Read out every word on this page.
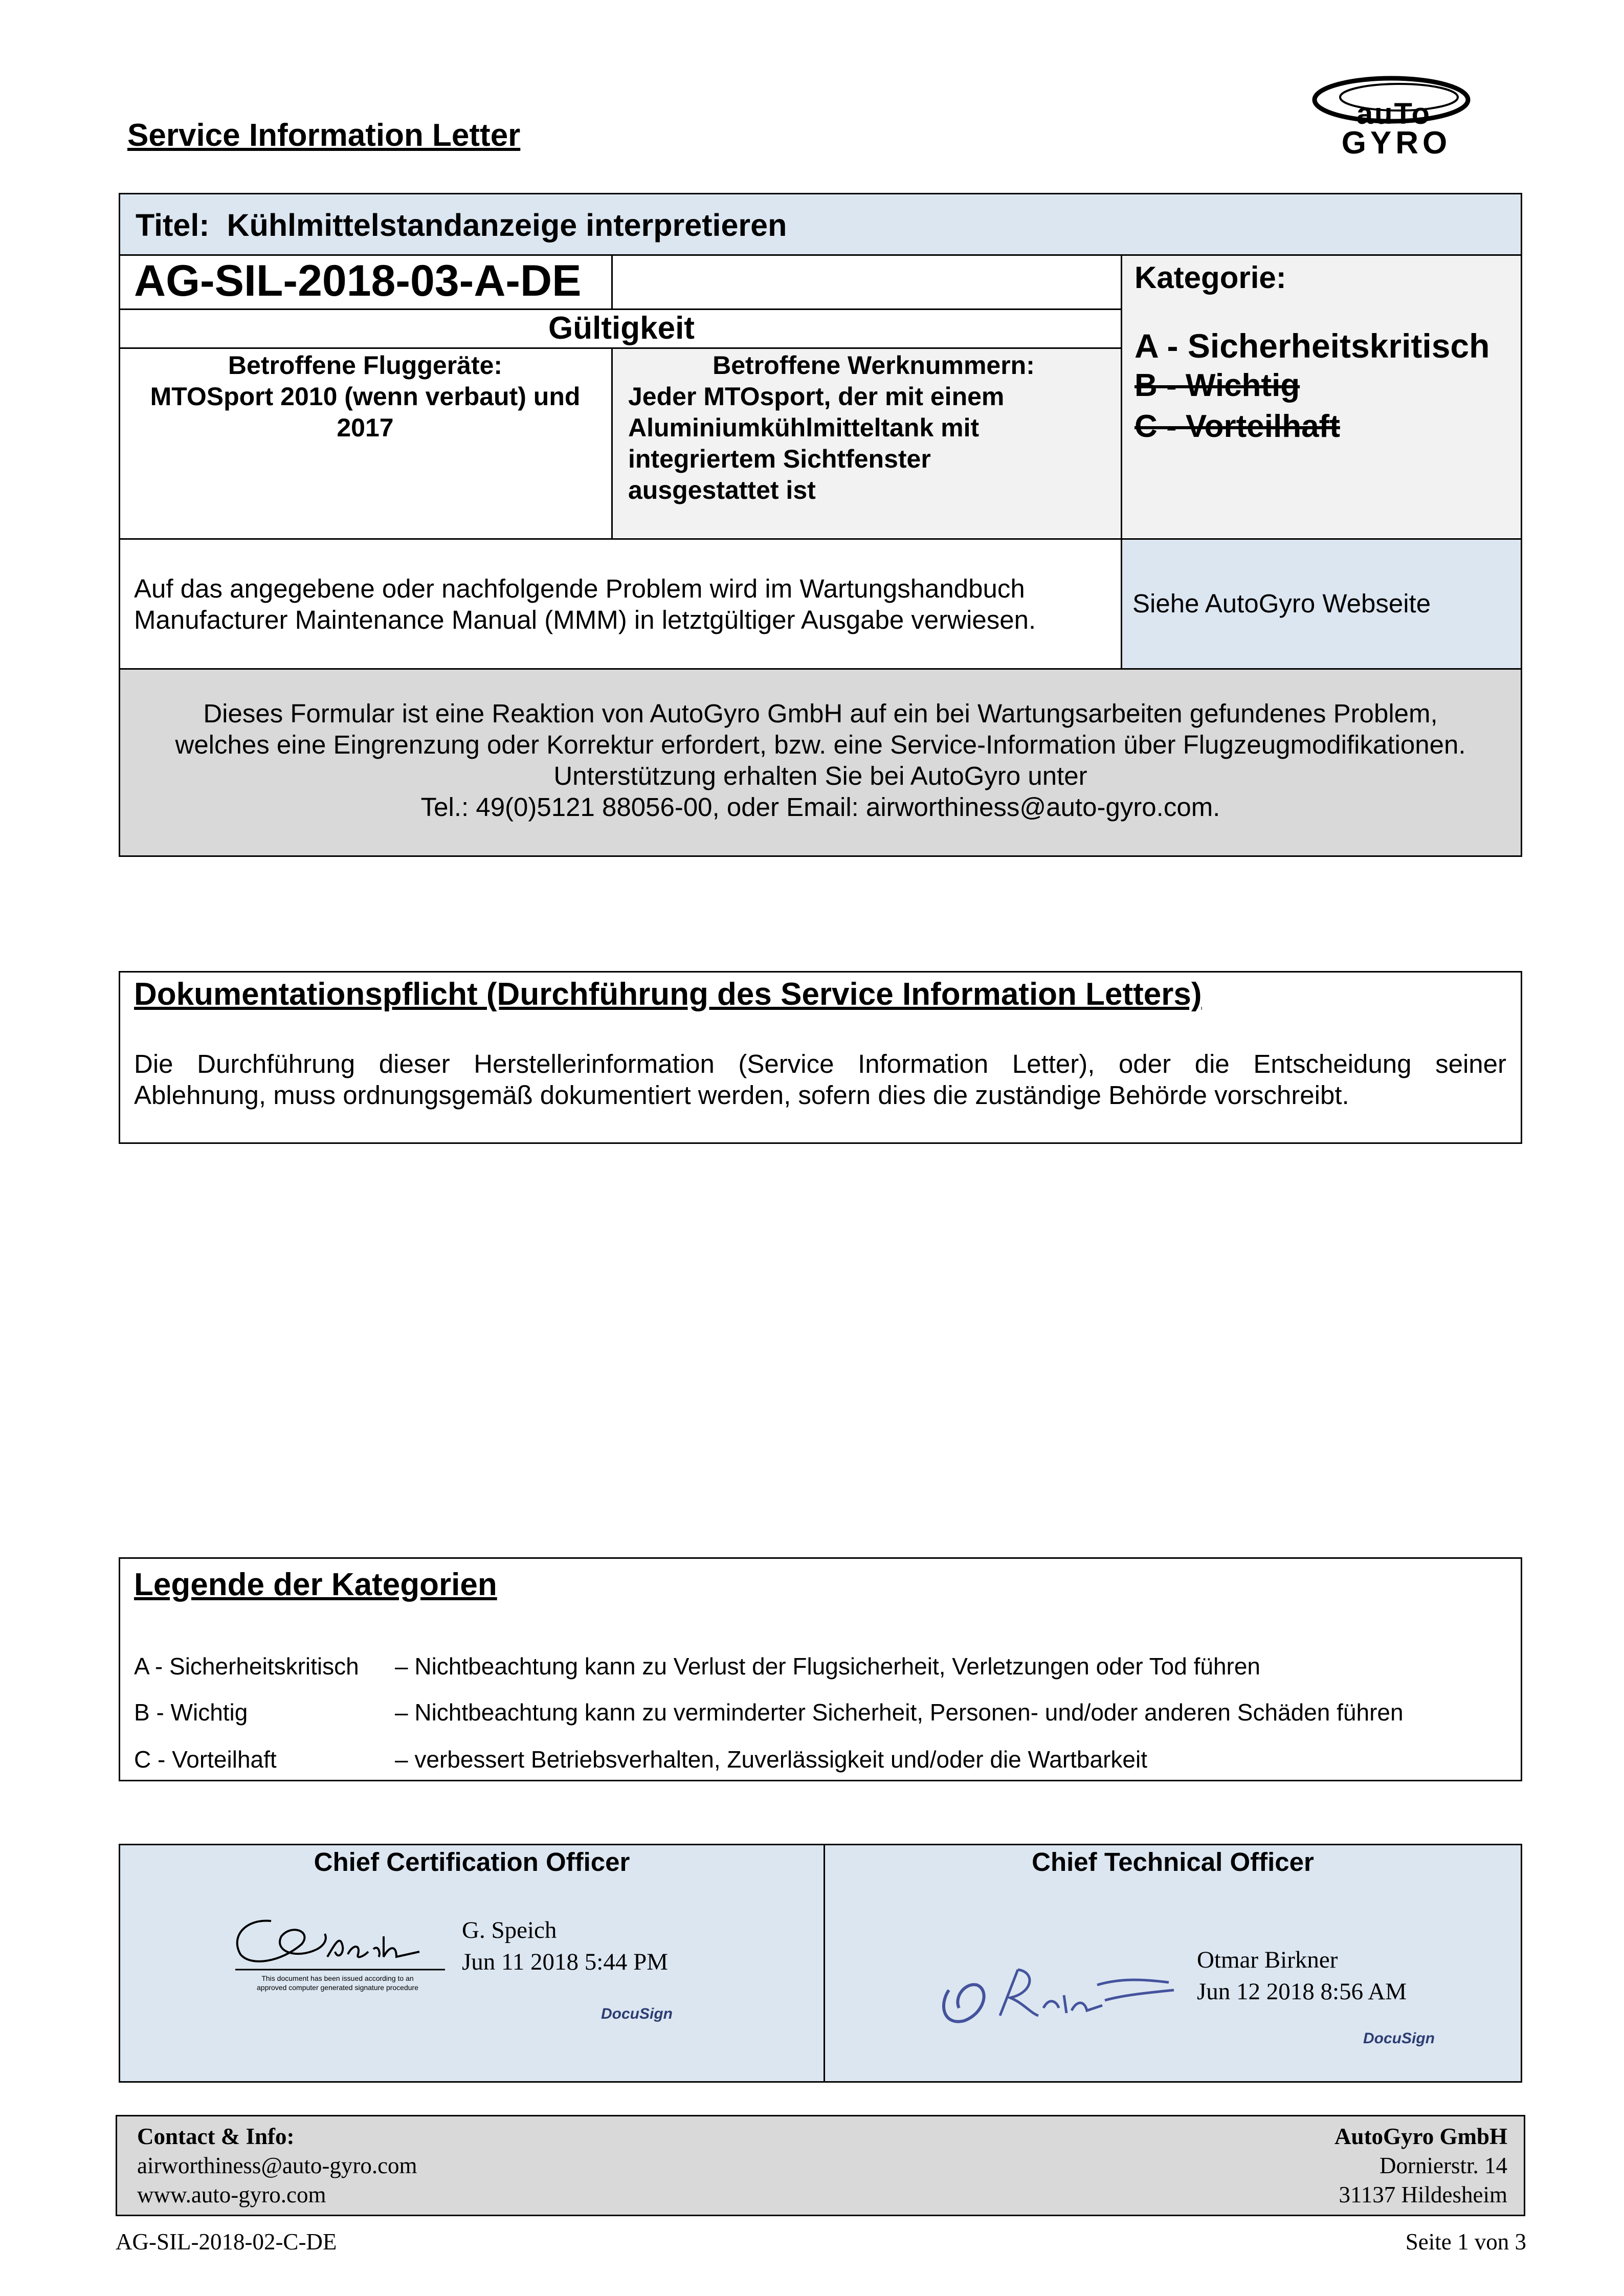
Service Information Letter
auTo
GYRO
Titel: Kühlmittelstandanzeige interpretieren
AG-SIL-2018-03-A-DE
Gültigkeit
Betroffene Fluggeräte:
MTOSport 2010 (wenn verbaut) und
2017
Betroffene Werknummern:
Jeder MTOsport, der mit einem
Aluminiumkühlmitteltank mit
integriertem Sichtfenster
ausgestattet ist
Kategorie:
A - Sicherheitskritisch
B - Wichtig
C - Vorteilhaft
Auf das angegebene oder nachfolgende Problem wird im Wartungshandbuch
Manufacturer Maintenance Manual (MMM) in letztgültiger Ausgabe verwiesen.
Siehe AutoGyro Webseite
Dieses Formular ist eine Reaktion von AutoGyro GmbH auf ein bei Wartungsarbeiten gefundenes Problem,
welches eine Eingrenzung oder Korrektur erfordert, bzw. eine Service-Information über Flugzeugmodifikationen.
Unterstützung erhalten Sie bei AutoGyro unter
Tel.: 49(0)5121 88056-00, oder Email: airworthiness@auto-gyro.com.
Dokumentationspflicht (Durchführung des Service Information Letters)
Die Durchführung dieser Herstellerinformation (Service Information Letter), oder die Entscheidung seiner
Ablehnung, muss ordnungsgemäß dokumentiert werden, sofern dies die zuständige Behörde vorschreibt.
Legende der Kategorien
A - Sicherheitskritisch – Nichtbeachtung kann zu Verlust der Flugsicherheit, Verletzungen oder Tod führen
B - Wichtig	– Nichtbeachtung kann zu verminderter Sicherheit, Personen- und/oder anderen Schäden führen
C - Vorteilhaft	– verbessert Betriebsverhalten, Zuverlässigkeit und/oder die Wartbarkeit
Chief Certification Officer	Chief Technical Officer
This document has been issued according to an
approved computer generated signature procedure
G. Speich
Jun 11 2018 5:44 PM
DocuSign
Otmar Birkner
Jun 12 2018 8:56 AM
DocuSign
Contact & Info:
airworthiness@auto-gyro.com
www.auto-gyro.com
AutoGyro GmbH
Dornierstr. 14
31137 Hildesheim
AG-SIL-2018-02-C-DE	Seite 1 von 3
